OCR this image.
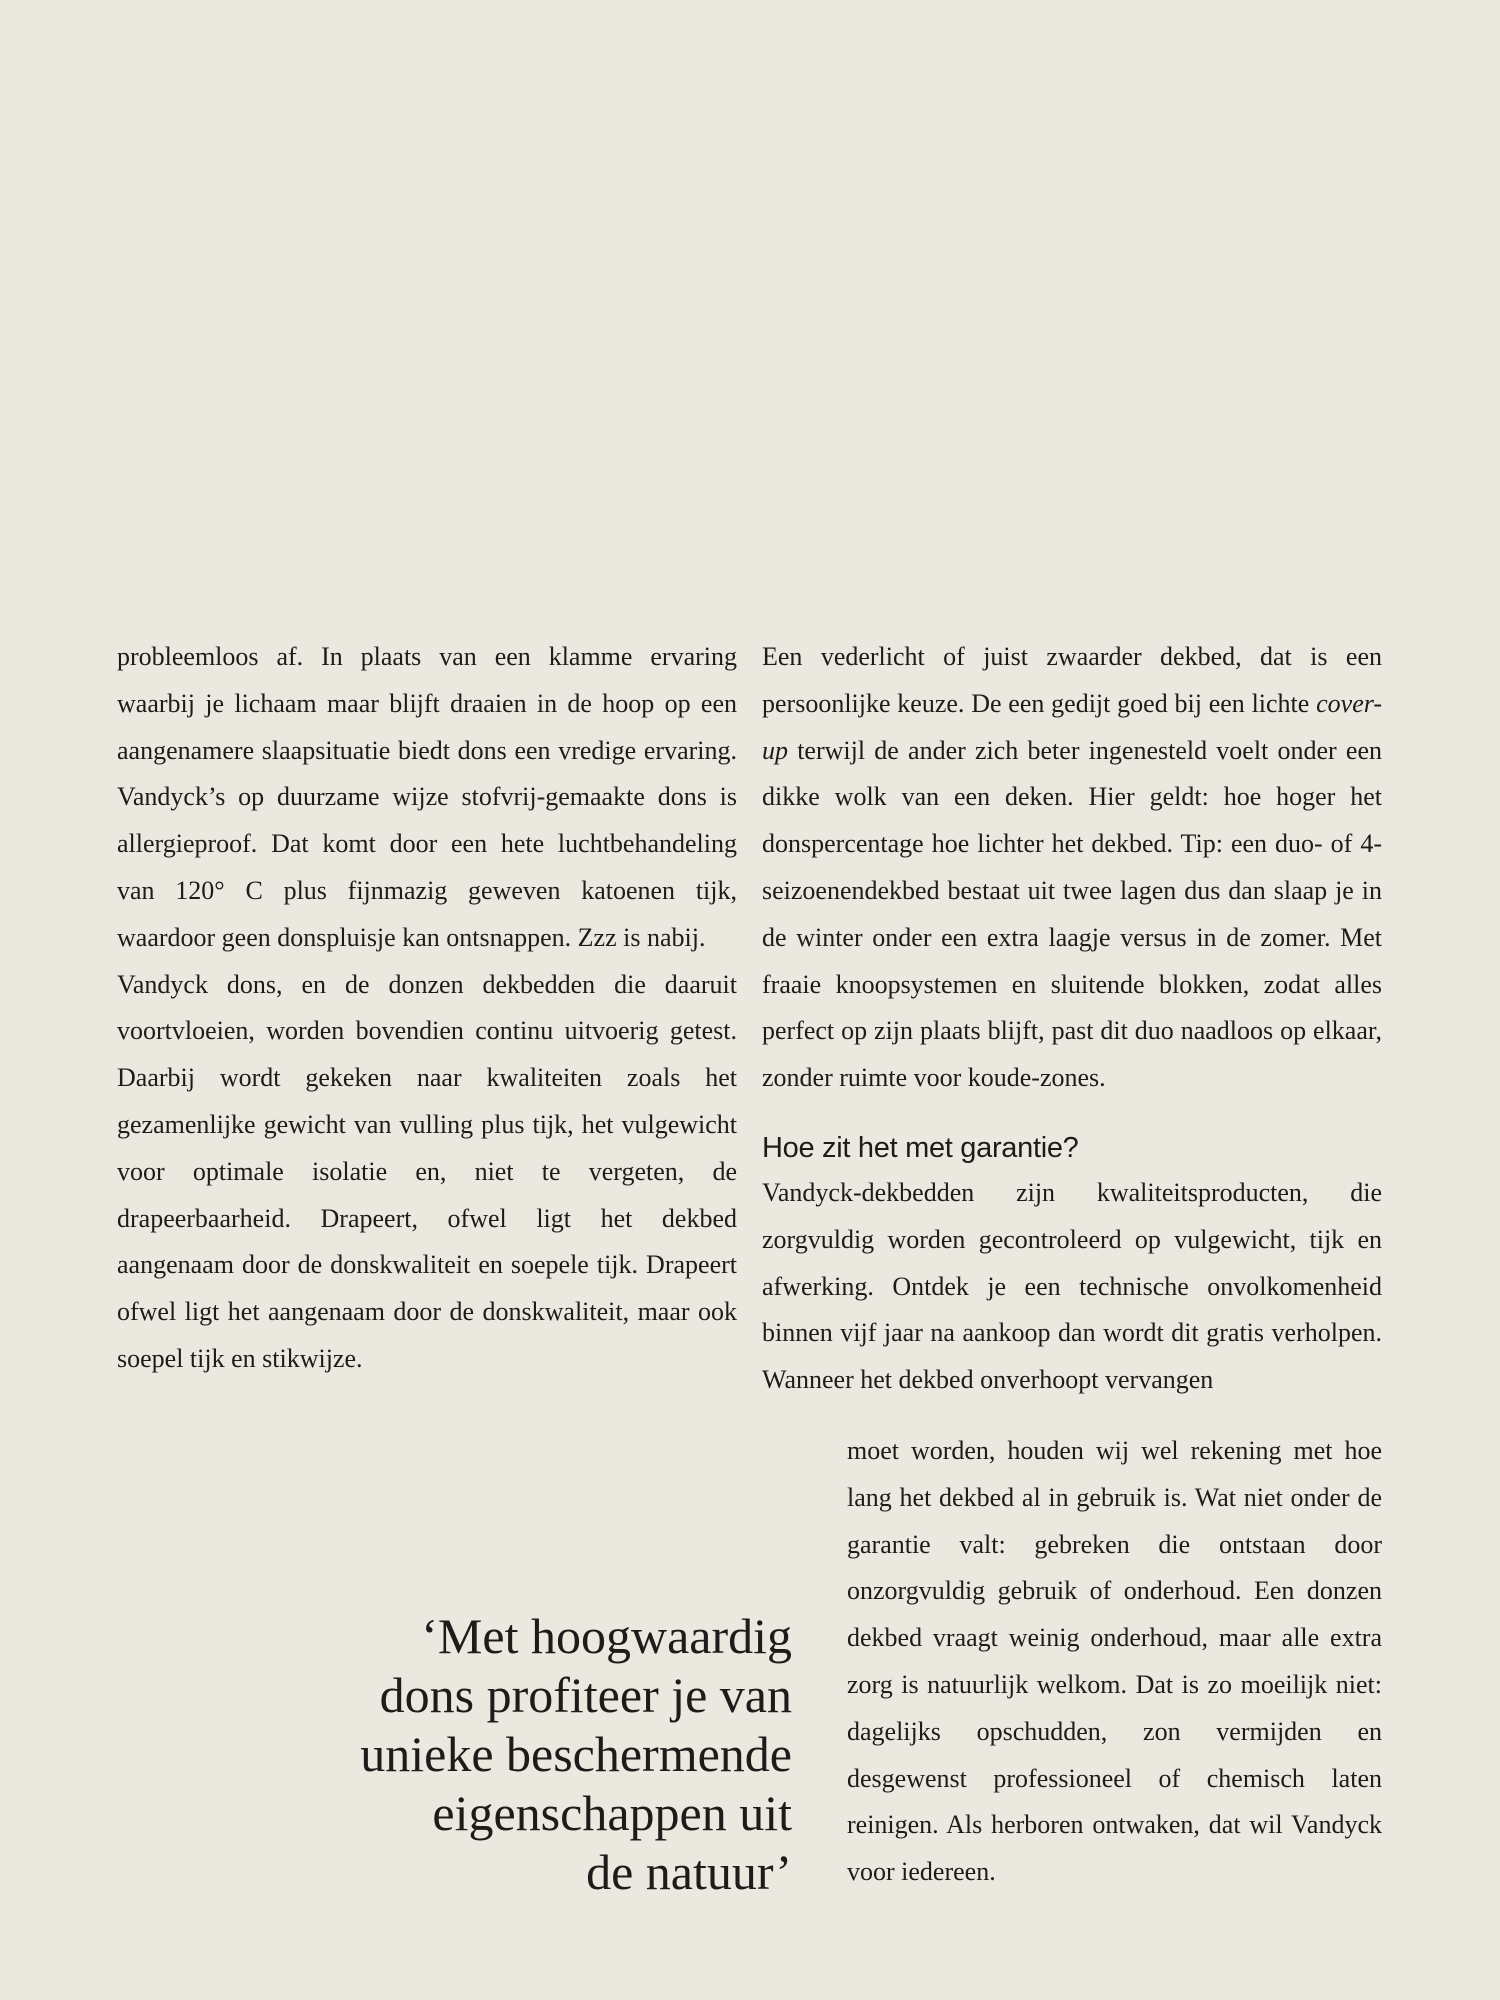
probleemloos af. In plaats van een klamme ervaring waarbij je lichaam maar blijft draaien in de hoop op een aangenamere slaapsituatie biedt dons een vredige ervaring. Vandyck’s op duurzame wijze stofvrij-gemaakte dons is allergieproof. Dat komt door een hete luchtbehandeling van 120° C plus fijnmazig geweven katoenen tijk, waardoor geen donspluisje kan ontsnappen. Zzz is nabij.

Vandyck dons, en de donzen dekbedden die daaruit voortvloeien, worden bovendien continu uitvoerig getest. Daarbij wordt gekeken naar kwaliteiten zoals het gezamenlijke gewicht van vulling plus tijk, het vulgewicht voor optimale isolatie en, niet te vergeten, de drapeerbaarheid. Drapeert, ofwel ligt het dekbed aangenaam door de donskwaliteit en soepele tijk. Drapeert ofwel ligt het aangenaam door de donskwaliteit, maar ook soepel tijk en stikwijze.

Een vederlicht of juist zwaarder dekbed, dat is een persoonlijke keuze. De een gedijt goed bij een lichte cover-up terwijl de ander zich beter ingenesteld voelt onder een dikke wolk van een deken. Hier geldt: hoe hoger het donspercentage hoe lichter het dekbed. Tip: een duo- of 4-seizoenendekbed bestaat uit twee lagen dus dan slaap je in de winter onder een extra laagje versus in de zomer. Met fraaie knoopsystemen en sluitende blokken, zodat alles perfect op zijn plaats blijft, past dit duo naadloos op elkaar, zonder ruimte voor koude-zones.

Hoe zit het met garantie?

Vandyck-dekbedden zijn kwaliteitsproducten, die zorgvuldig worden gecontroleerd op vulgewicht, tijk en afwerking. Ontdek je een technische onvolkomenheid binnen vijf jaar na aankoop dan wordt dit gratis verholpen. Wanneer het dekbed onverhoopt vervangen

moet worden, houden wij wel rekening met hoe lang het dekbed al in gebruik is. Wat niet onder de garantie valt: gebreken die ontstaan door onzorgvuldig gebruik of onderhoud. Een donzen dekbed vraagt weinig onderhoud, maar alle extra zorg is natuurlijk welkom. Dat is zo moeilijk niet: dagelijks opschudden, zon vermijden en desgewenst professioneel of chemisch laten reinigen. Als herboren ontwaken, dat wil Vandyck voor iedereen.

‘Met hoogwaardig
dons profiteer je van
unieke beschermende
eigenschappen uit
de natuur’
